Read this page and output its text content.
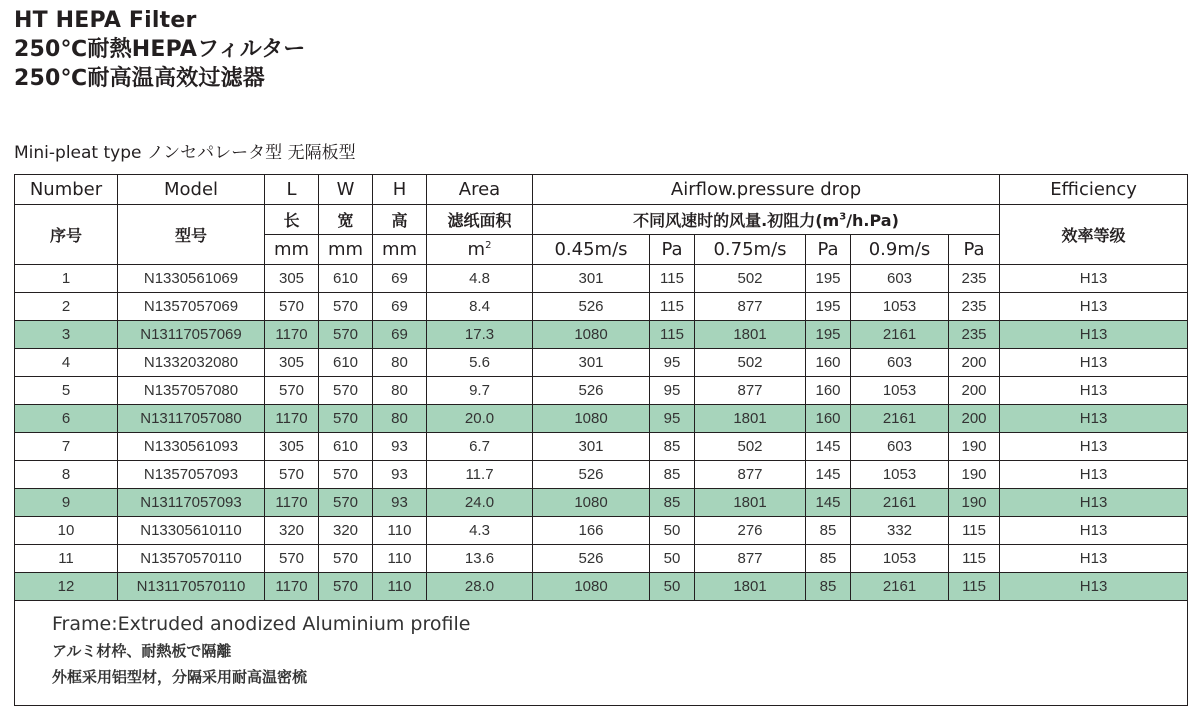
HT HEPA Filter
250℃耐熱HEPAフィルター
250℃耐高温高效过滤器
Mini-pleat type ノンセパレータ型 无隔板型
Number	Model	L	W	H	Area	Airflow.pressure drop						Efficiency
序号	型号	长	宽	高	滤纸面积	不同风速时的风量.初阻力$(m^3/h.Pa)$						效率等级
		mm	mm	mm	$m^2$	0.45m/s	Pa	0.75m/s	Pa	0.9m/s	Pa	
1	N1330561069	305	610	69	4.8	301	115	502	195	603	235	H13
2	N1357057069	570	570	69	8.4	526	115	877	195	1053	235	H13
3	N13117057069	1170	570	69	17.3	1080	115	1801	195	2161	235	H13
4	N1332032080	305	610	80	5.6	301	95	502	160	603	200	H13
5	N1357057080	570	570	80	9.7	526	95	877	160	1053	200	H13
6	N13117057080	1170	570	80	20.0	1080	95	1801	160	2161	200	H13
7	N1330561093	305	610	93	6.7	301	85	502	145	603	190	H13
8	N1357057093	570	570	93	11.7	526	85	877	145	1053	190	H13
9	N13117057093	1170	570	93	24.0	1080	85	1801	145	2161	190	H13
10	N13305610110	320	320	110	4.3	166	50	276	85	332	115	H13
11	N13570570110	570	570	110	13.6	526	50	877	85	1053	115	H13
12	N131170570110	1170	570	110	28.0	1080	50	1801	85	2161	115	H13

Frame:Extruded anodized Aluminium profile
アルミ材枠、耐熱板で隔離
外框采用铝型材，分隔采用耐高温密梳												
